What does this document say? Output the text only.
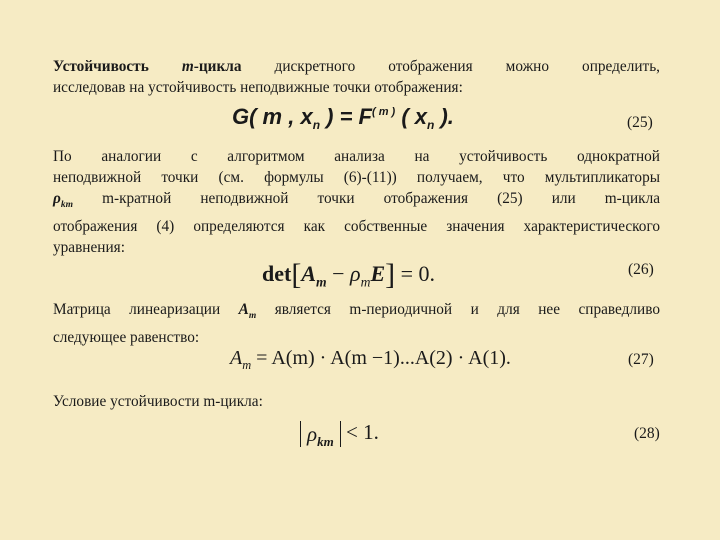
Устойчивость m-цикла дискретного отображения можно определить,
исследовав на устойчивость неподвижные точки отображения:
G( m , $x_n$ ) = $F^{( m )}$ ( $x_n$ ).	(25)
По аналогии с алгоритмом анализа на устойчивость однократной
неподвижной точки (см. формулы (6)-(11)) получаем, что мультипликаторы
$\rho_{km}$ m-кратной неподвижной точки отображения (25) или m-цикла
отображения (4) определяются как собственные значения характеристического
уравнения:
$\det[A_m - \rho_mE] = 0$.	(26)
Матрица линеаризации $A_m$ является m-периодичной и для нее справедливо
следующее равенство:
$A_m = A(m) \cdot A(m -1)...A(2) \cdot A(1)$.	(27)
Условие устойчивости m-цикла:
$\rho_{km} < 1$.	(28)
